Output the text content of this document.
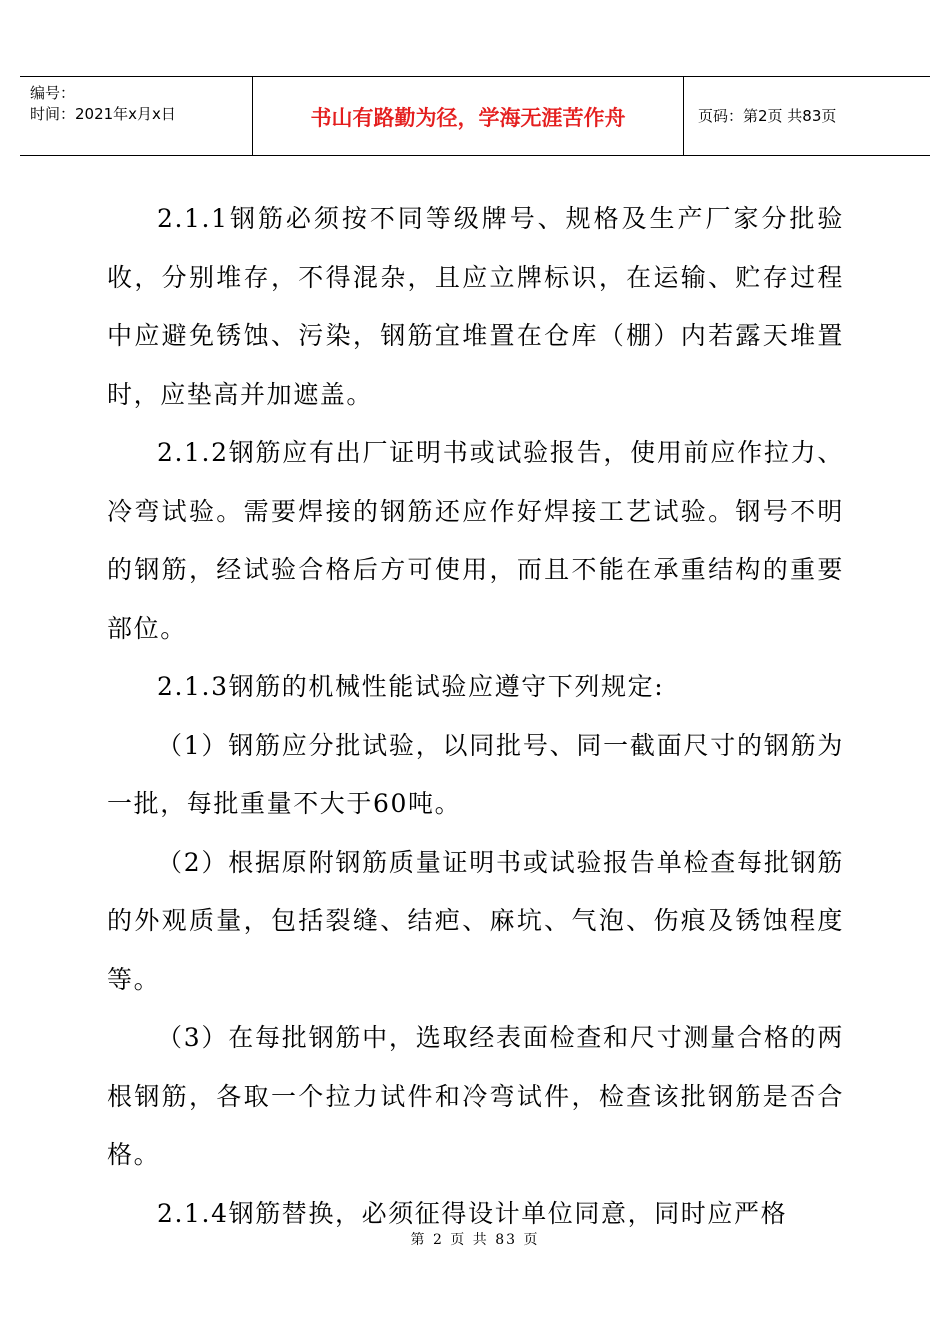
编号：
时间：2021年x月x日	书山有路勤为径，学海无涯苦作舟	页码：第2页 共83页

2.1.1钢筋必须按不同等级牌号、规格及生产厂家分批验收，分别堆存，不得混杂，且应立牌标识，在运输、贮存过程中应避免锈蚀、污染，钢筋宜堆置在仓库（棚）内若露天堆置时，应垫高并加遮盖。

2.1.2钢筋应有出厂证明书或试验报告，使用前应作拉力、冷弯试验。需要焊接的钢筋还应作好焊接工艺试验。钢号不明的钢筋，经试验合格后方可使用，而且不能在承重结构的重要部位。

2.1.3钢筋的机械性能试验应遵守下列规定:

（1）钢筋应分批试验，以同批号、同一截面尺寸的钢筋为一批，每批重量不大于60吨。

（2）根据原附钢筋质量证明书或试验报告单检查每批钢筋的外观质量，包括裂缝、结疤、麻坑、气泡、伤痕及锈蚀程度等。

（3）在每批钢筋中，选取经表面检查和尺寸测量合格的两根钢筋，各取一个拉力试件和冷弯试件，检查该批钢筋是否合格。

2.1.4钢筋替换，必须征得设计单位同意，同时应严格

第 2 页 共 83 页
